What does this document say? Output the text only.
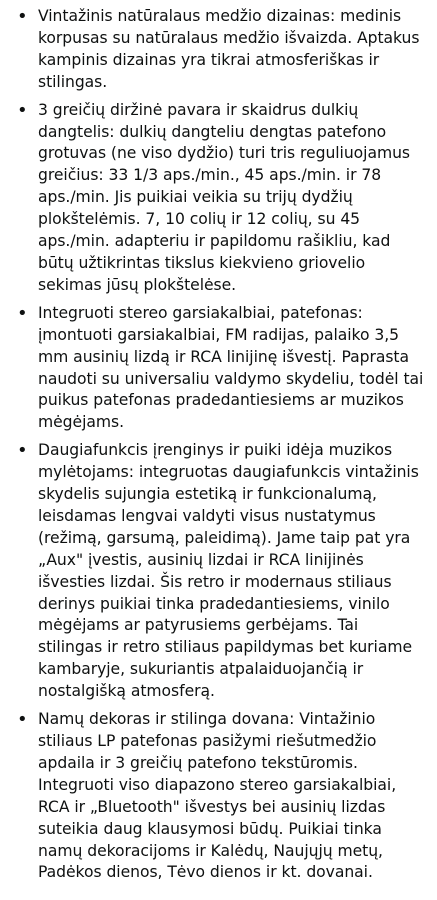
• Vintažinis natūralaus medžio dizainas: medinis korpusas su natūralaus medžio išvaizda. Aptakus kampinis dizainas yra tikrai atmosferiškas ir stilingas.
• 3 greičių diržinė pavara ir skaidrus dulkių dangtelis: dulkių dangteliu dengtas patefono grotuvas (ne viso dydžio) turi tris reguliuojamus greičius: 33 1/3 aps./min., 45 aps./min. ir 78 aps./min. Jis puikiai veikia su trijų dydžių plokštelėmis. 7, 10 colių ir 12 colių, su 45 aps./min. adapteriu ir papildomu rašikliu, kad būtų užtikrintas tikslus kiekvieno griovelio sekimas jūsų plokštelėse.
• Integruoti stereo garsiakalbiai, patefonas: įmontuoti garsiakalbiai, FM radijas, palaiko 3,5 mm ausinių lizdą ir RCA linijinę išvestį. Paprasta naudoti su universaliu valdymo skydeliu, todėl tai puikus patefonas pradedantiesiems ar muzikos mėgėjams.
• Daugiafunkcis įrenginys ir puiki idėja muzikos mylėtojams: integruotas daugiafunkcis vintažinis skydelis sujungia estetiką ir funkcionalumą, leisdamas lengvai valdyti visus nustatymus (režimą, garsumą, paleidimą). Jame taip pat yra „Aux" įvestis, ausinių lizdai ir RCA linijinės išvesties lizdai. Šis retro ir modernaus stiliaus derinys puikiai tinka pradedantiesiems, vinilo mėgėjams ar patyrusiems gerbėjams. Tai stilingas ir retro stiliaus papildymas bet kuriame kambaryje, sukuriantis atpalaiduojančią ir nostalgišką atmosferą.
• Namų dekoras ir stilinga dovana: Vintažinio stiliaus LP patefonas pasižymi riešutmedžio apdaila ir 3 greičių patefono tekstūromis. Integruoti viso diapazono stereo garsiakalbiai, RCA ir „Bluetooth" išvestys bei ausinių lizdas suteikia daug klausymosi būdų. Puikiai tinka namų dekoracijoms ir Kalėdų, Naujųjų metų, Padėkos dienos, Tėvo dienos ir kt. dovanai.
